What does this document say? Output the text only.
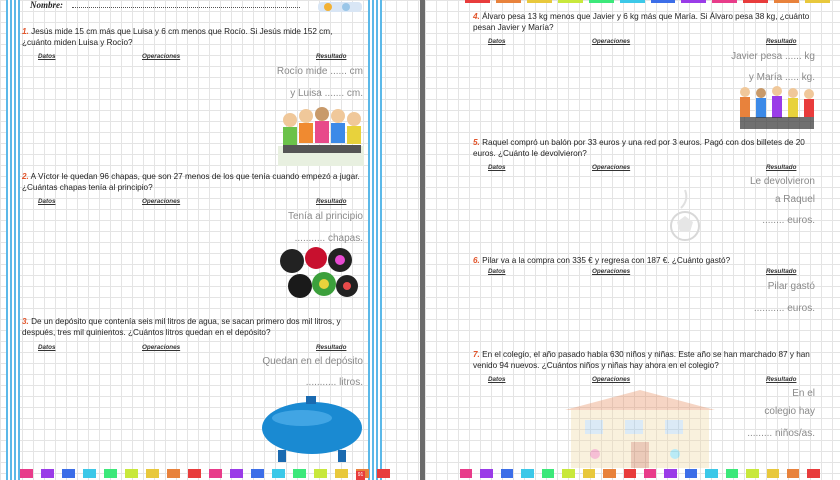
Nombre:
1. Jesús mide 15 cm más que Luisa y 6 cm menos que Rocío. Si Jesús mide 152 cm, ¿cuánto miden Luisa y Rocío?
Datos	Operaciones	Resultado
Rocío mide ...... cm
y Luisa ....... cm.
2. A Víctor le quedan 96 chapas, que son 27 menos de los que tenía cuando empezó a jugar. ¿Cuántas chapas tenía al principio?
Datos	Operaciones	Resultado
Tenía al principio
........... chapas.
3. De un depósito que contenía seis mil litros de agua, se sacan primero dos mil litros, y después, tres mil quinientos. ¿Cuántos litros quedan en el depósito?
Datos	Operaciones	Resultado
Quedan en el depósito
........... litros.
91
4. Álvaro pesa 13 kg menos que Javier y 6 kg más que María. Si Álvaro pesa 38 kg, ¿cuánto pesan Javier y María?
Datos	Operaciones	Resultado
Javier pesa ...... kg
y María ..... kg.
5. Raquel compró un balón por 33 euros y una red por 3 euros. Pagó con dos billetes de 20 euros. ¿Cuánto le devolvieron?
Datos	Operaciones	Resultado
Le devolvieron
a Raquel
........ euros.
6. Pilar va a la compra con 335 € y regresa con 187 €. ¿Cuánto gastó?
Datos	Operaciones	Resultado
Pilar gastó
........... euros.
7. En el colegio, el año pasado había 630 niños y niñas. Este año se han marchado 87 y han venido 94 nuevos. ¿Cuántos niños y niñas hay ahora en el colegio?
Datos	Operaciones	Resultado
En el
colegio hay
......... niños/as.
